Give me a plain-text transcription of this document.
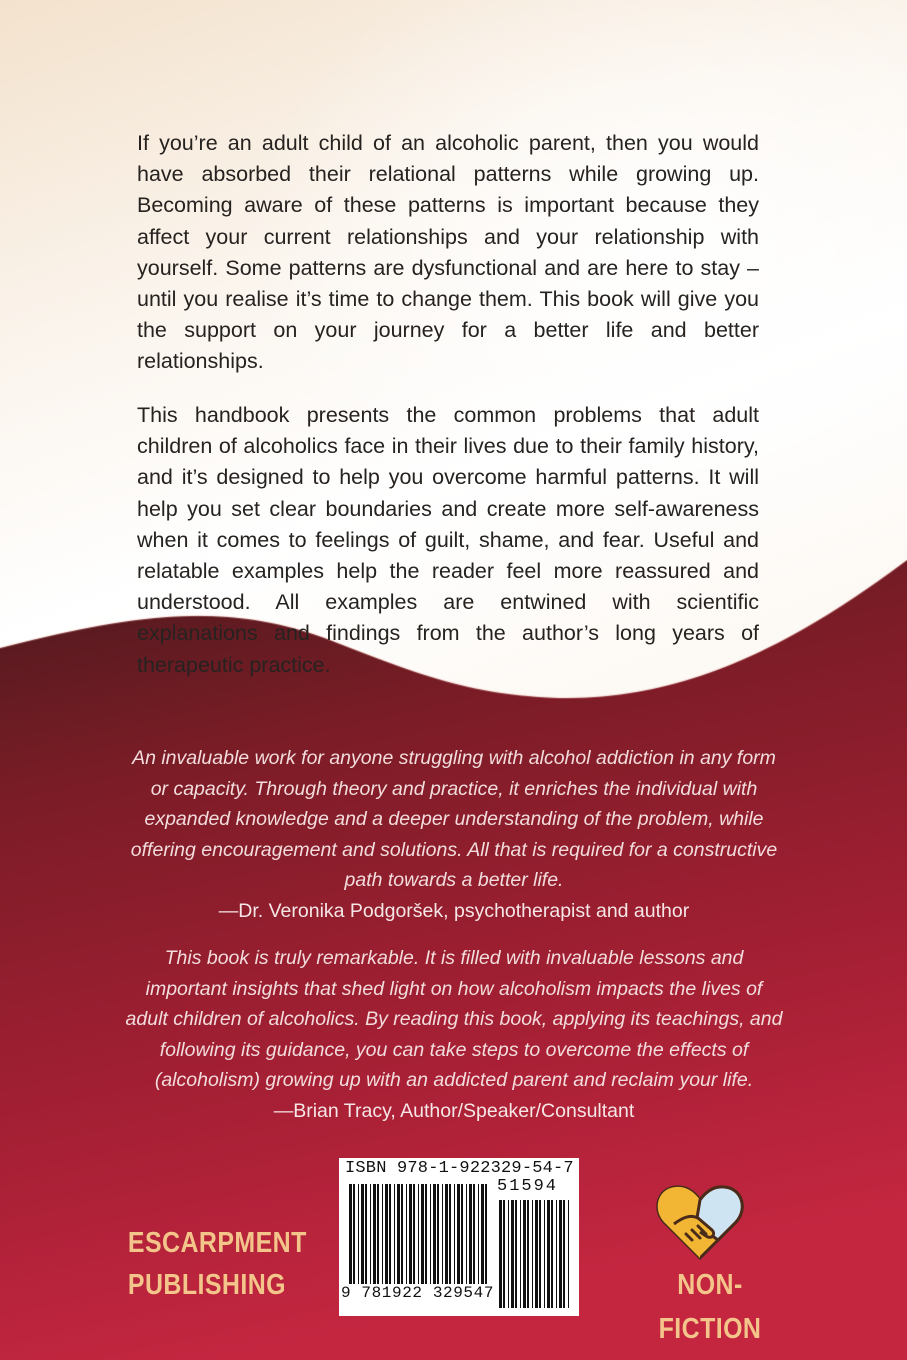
If you’re an adult child of an alcoholic parent, then you would have absorbed their relational patterns while growing up. Becoming aware of these patterns is important because they affect your current relationships and your relationship with yourself. Some patterns are dysfunctional and are here to stay – until you realise it’s time to change them. This book will give you the support on your journey for a better life and better relationships.

This handbook presents the common problems that adult children of alcoholics face in their lives due to their family history, and it’s designed to help you overcome harmful patterns. It will help you set clear boundaries and create more self-awareness when it comes to feelings of guilt, shame, and fear. Useful and relatable examples help the reader feel more reassured and understood. All examples are entwined with scientific explanations and findings from the author’s long years of therapeutic practice.

An invaluable work for anyone struggling with alcohol addiction in any form or capacity. Through theory and practice, it enriches the individual with expanded knowledge and a deeper understanding of the problem, while offering encouragement and solutions. All that is required for a constructive path towards a better life.
—Dr. Veronika Podgoršek, psychotherapist and author

This book is truly remarkable. It is filled with invaluable lessons and important insights that shed light on how alcoholism impacts the lives of adult children of alcoholics. By reading this book, applying its teachings, and following its guidance, you can take steps to overcome the effects of (alcoholism) growing up with an addicted parent and reclaim your life.
—Brian Tracy, Author/Speaker/Consultant

ESCARPMENT
PUBLISHING
ISBN 978-1-922329-54-7
51594
9 781922 329547	NON-FICTION
